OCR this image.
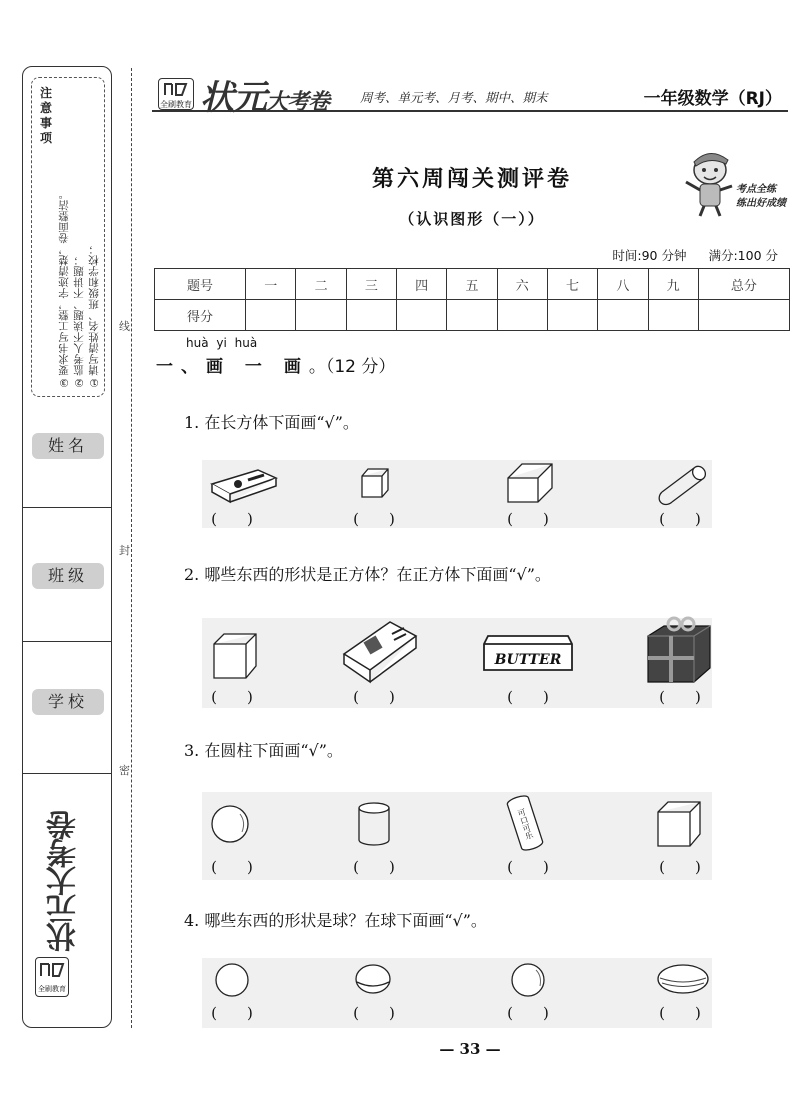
注意事项
①请写清姓名、班级和学校；
②监考人不读题、不讲题；
③要求书写工整，字迹清楚，卷面整洁。
姓名
班级
学校
状元大考卷
全刷教育
线
封
密
全刷教育 状元大考卷 周考、单元考、月考、期中、期末	一年级数学（RJ）
第六周闯关测评卷
（认识图形（一））
考点全练
练出好成绩
时间:90 分钟 满分:100 分
题号	一	二	三	四	五	六	七	八	九	总分
得分										
huà yi huà
一、画 一 画。（12 分）
1. 在长方体下面画“√”。
(　　)	(　　)	(　　)	(　　)
2. 哪些东西的形状是正方体？在正方体下面画“√”。
BUTTER
(　　)	(　　)	(　　)	(　　)
3. 在圆柱下面画“√”。
可口可乐
(　　)	(　　)	(　　)	(　　)
4. 哪些东西的形状是球？在球下面画“√”。
(　　)	(　　)	(　　)	(　　)
— 33 —
